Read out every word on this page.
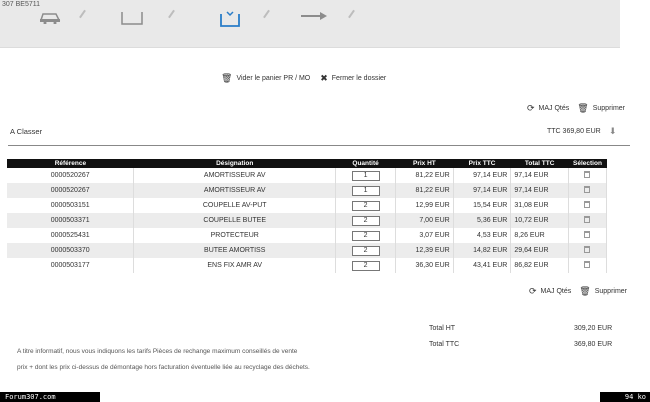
307 BE5711
🗑 Vider le panier PR / MO ✖ Fermer le dossier
⟳ MAJ Qtés 🗑 Supprimer
A Classer	TTC 369,80 EUR ⬇
Référence	Désignation	Quantité	Prix HT	Prix TTC	Total TTC	Sélection
0000520267	AMORTISSEUR AV	1	81,22 EUR	97,14 EUR	97,14 EUR	
0000520267	AMORTISSEUR AV	1	81,22 EUR	97,14 EUR	97,14 EUR	
0000503151	COUPELLE AV-PUT	2	12,99 EUR	15,54 EUR	31,08 EUR	
0000503371	COUPELLE BUTEE	2	7,00 EUR	5,36 EUR	10,72 EUR	
0000525431	PROTECTEUR	2	3,07 EUR	4,53 EUR	8,26 EUR	
0000503370	BUTEE AMORTISS	2	12,39 EUR	14,82 EUR	29,64 EUR	
0000503177	ENS FIX AMR AV	2	36,30 EUR	43,41 EUR	86,82 EUR	
⟳ MAJ Qtés 🗑 Supprimer
Total HT	309,20 EUR
Total TTC	369,80 EUR
A titre informatif, nous vous indiquons les tarifs Pièces de rechange maximum conseillés de vente
prix + dont les prix ci-dessus de démontage hors facturation éventuelle liée au recyclage des déchets.
Forum307.com	94 ko
